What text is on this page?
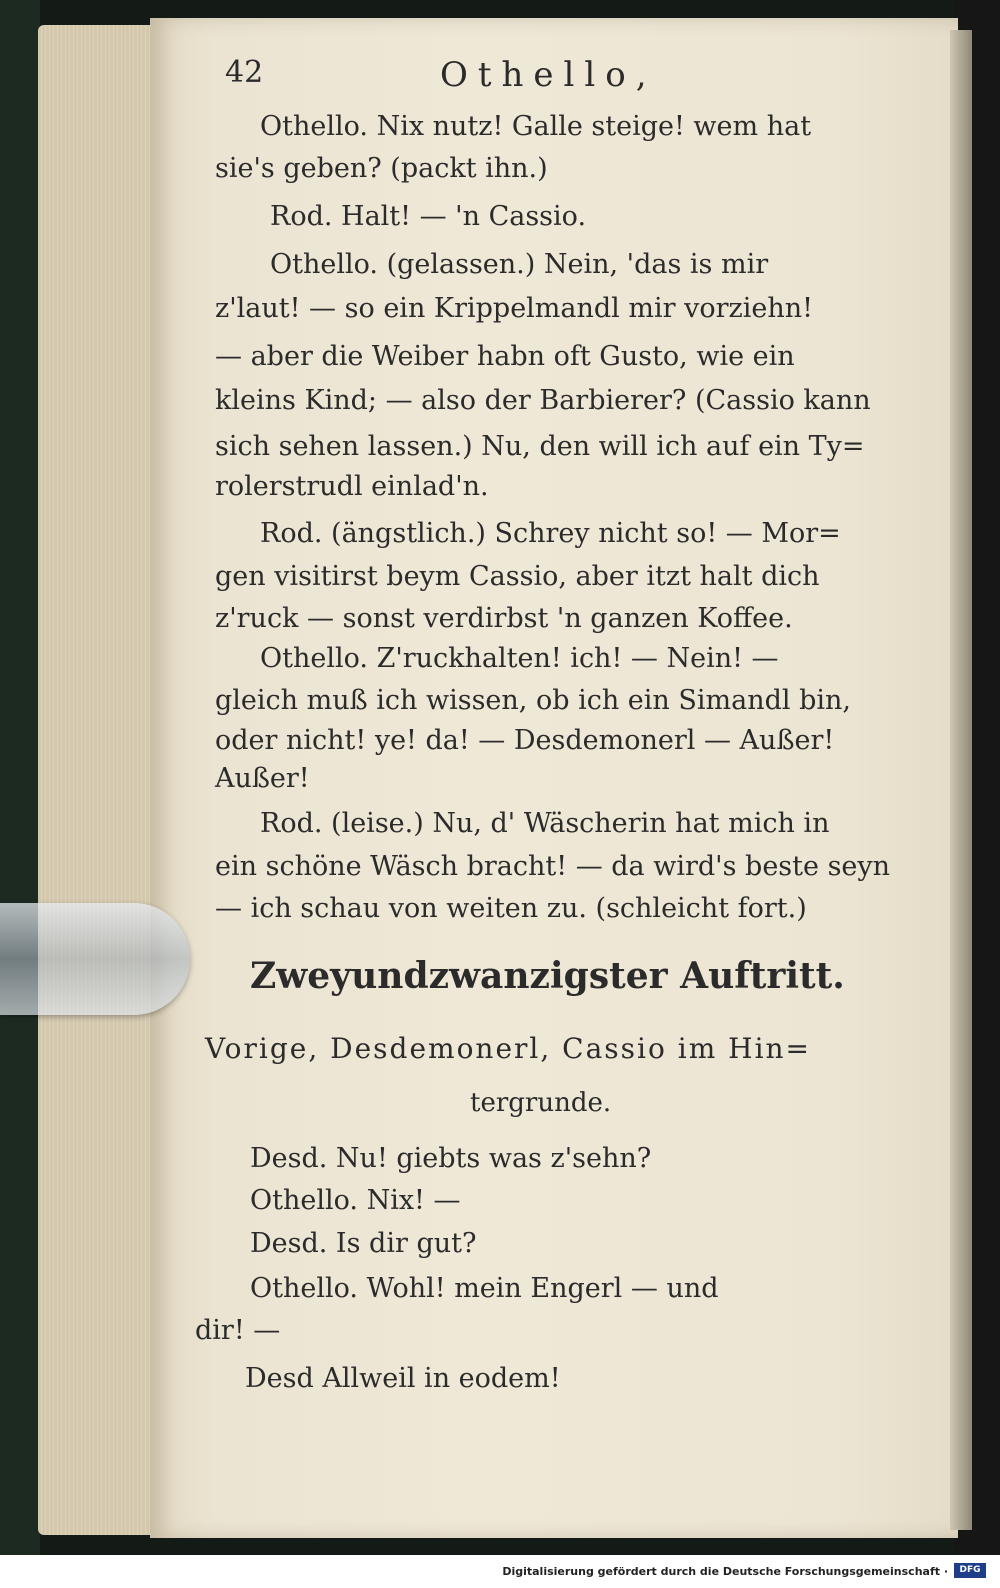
42	Othello,
Othello. Nix nutz! Galle steige! wem hat
sie's geben? (packt ihn.)
Rod. Halt! — 'n Cassio.
Othello. (gelassen.) Nein, 'das is mir
z'laut! — so ein Krippelmandl mir vorziehn!
— aber die Weiber habn oft Gusto, wie ein
kleins Kind; — also der Barbierer? (Cassio kann
sich sehen lassen.) Nu, den will ich auf ein Ty=
rolerstrudl einlad'n.
Rod. (ängstlich.) Schrey nicht so! — Mor=
gen visitirst beym Cassio, aber itzt halt dich
z'ruck — sonst verdirbst 'n ganzen Koffee.
Othello. Z'ruckhalten! ich! — Nein! —
gleich muß ich wissen, ob ich ein Simandl bin,
oder nicht! ye! da! — Desdemonerl — Außer!
Außer!
Rod. (leise.) Nu, d' Wäscherin hat mich in
ein schöne Wäsch bracht! — da wird's beste seyn
— ich schau von weiten zu. (schleicht fort.)
Zweyundzwanzigster Auftritt.
Vorige, Desdemonerl, Cassio im Hin=
tergrunde.
Desd. Nu! giebts was z'sehn?
Othello. Nix! —
Desd. Is dir gut?
Othello. Wohl! mein Engerl — und
dir! —
Desd Allweil in eodem!
Digitalisierung gefördert durch die Deutsche Forschungsgemeinschaft ·	DFG
